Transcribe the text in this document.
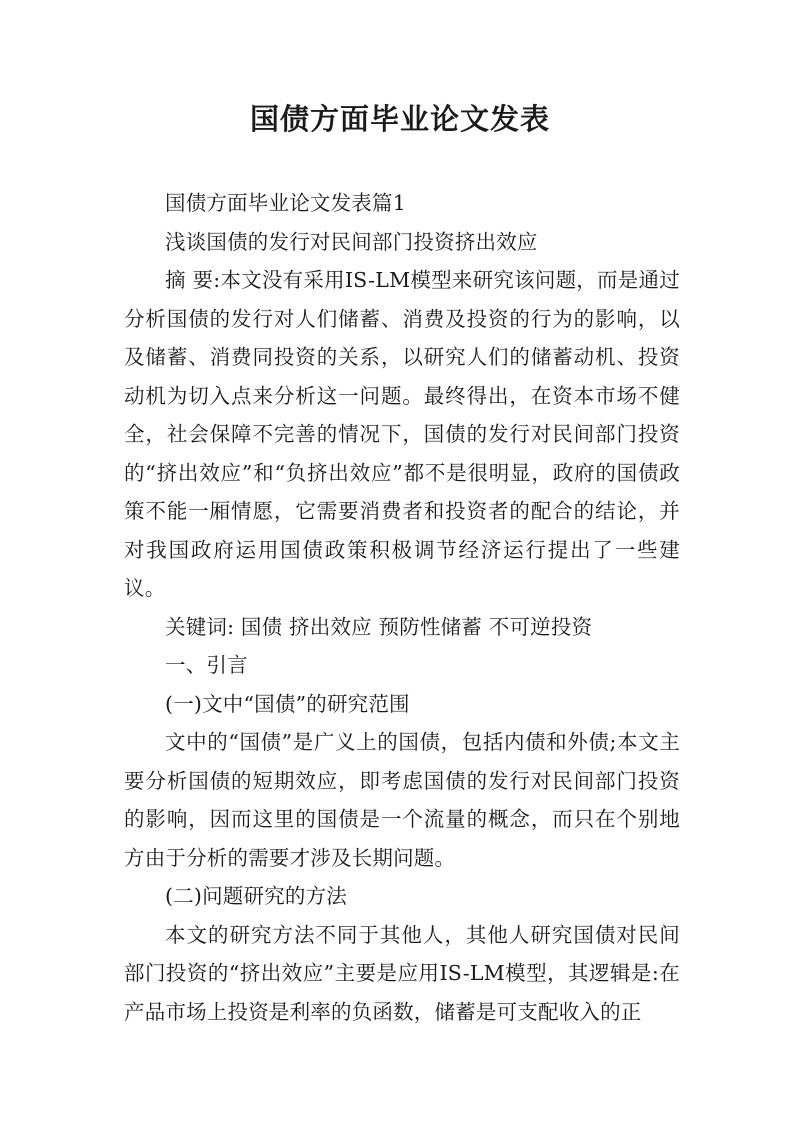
国债方面毕业论文发表

国债方面毕业论文发表篇1

浅谈国债的发行对民间部门投资挤出效应

摘 要:本文没有采用IS-LM模型来研究该问题，而是通过分析国债的发行对人们储蓄、消费及投资的行为的影响，以及储蓄、消费同投资的关系，以研究人们的储蓄动机、投资动机为切入点来分析这一问题。最终得出，在资本市场不健全，社会保障不完善的情况下，国债的发行对民间部门投资的“挤出效应”和“负挤出效应”都不是很明显，政府的国债政策不能一厢情愿，它需要消费者和投资者的配合的结论，并对我国政府运用国债政策积极调节经济运行提出了一些建议。

关键词: 国债 挤出效应 预防性储蓄 不可逆投资

一、引言

(一)文中“国债”的研究范围

文中的“国债”是广义上的国债，包括内债和外债;本文主要分析国债的短期效应，即考虑国债的发行对民间部门投资的影响，因而这里的国债是一个流量的概念，而只在个别地方由于分析的需要才涉及长期问题。

(二)问题研究的方法

本文的研究方法不同于其他人，其他人研究国债对民间部门投资的“挤出效应”主要是应用IS-LM模型，其逻辑是:在产品市场上投资是利率的负函数，储蓄是可支配收入的正
